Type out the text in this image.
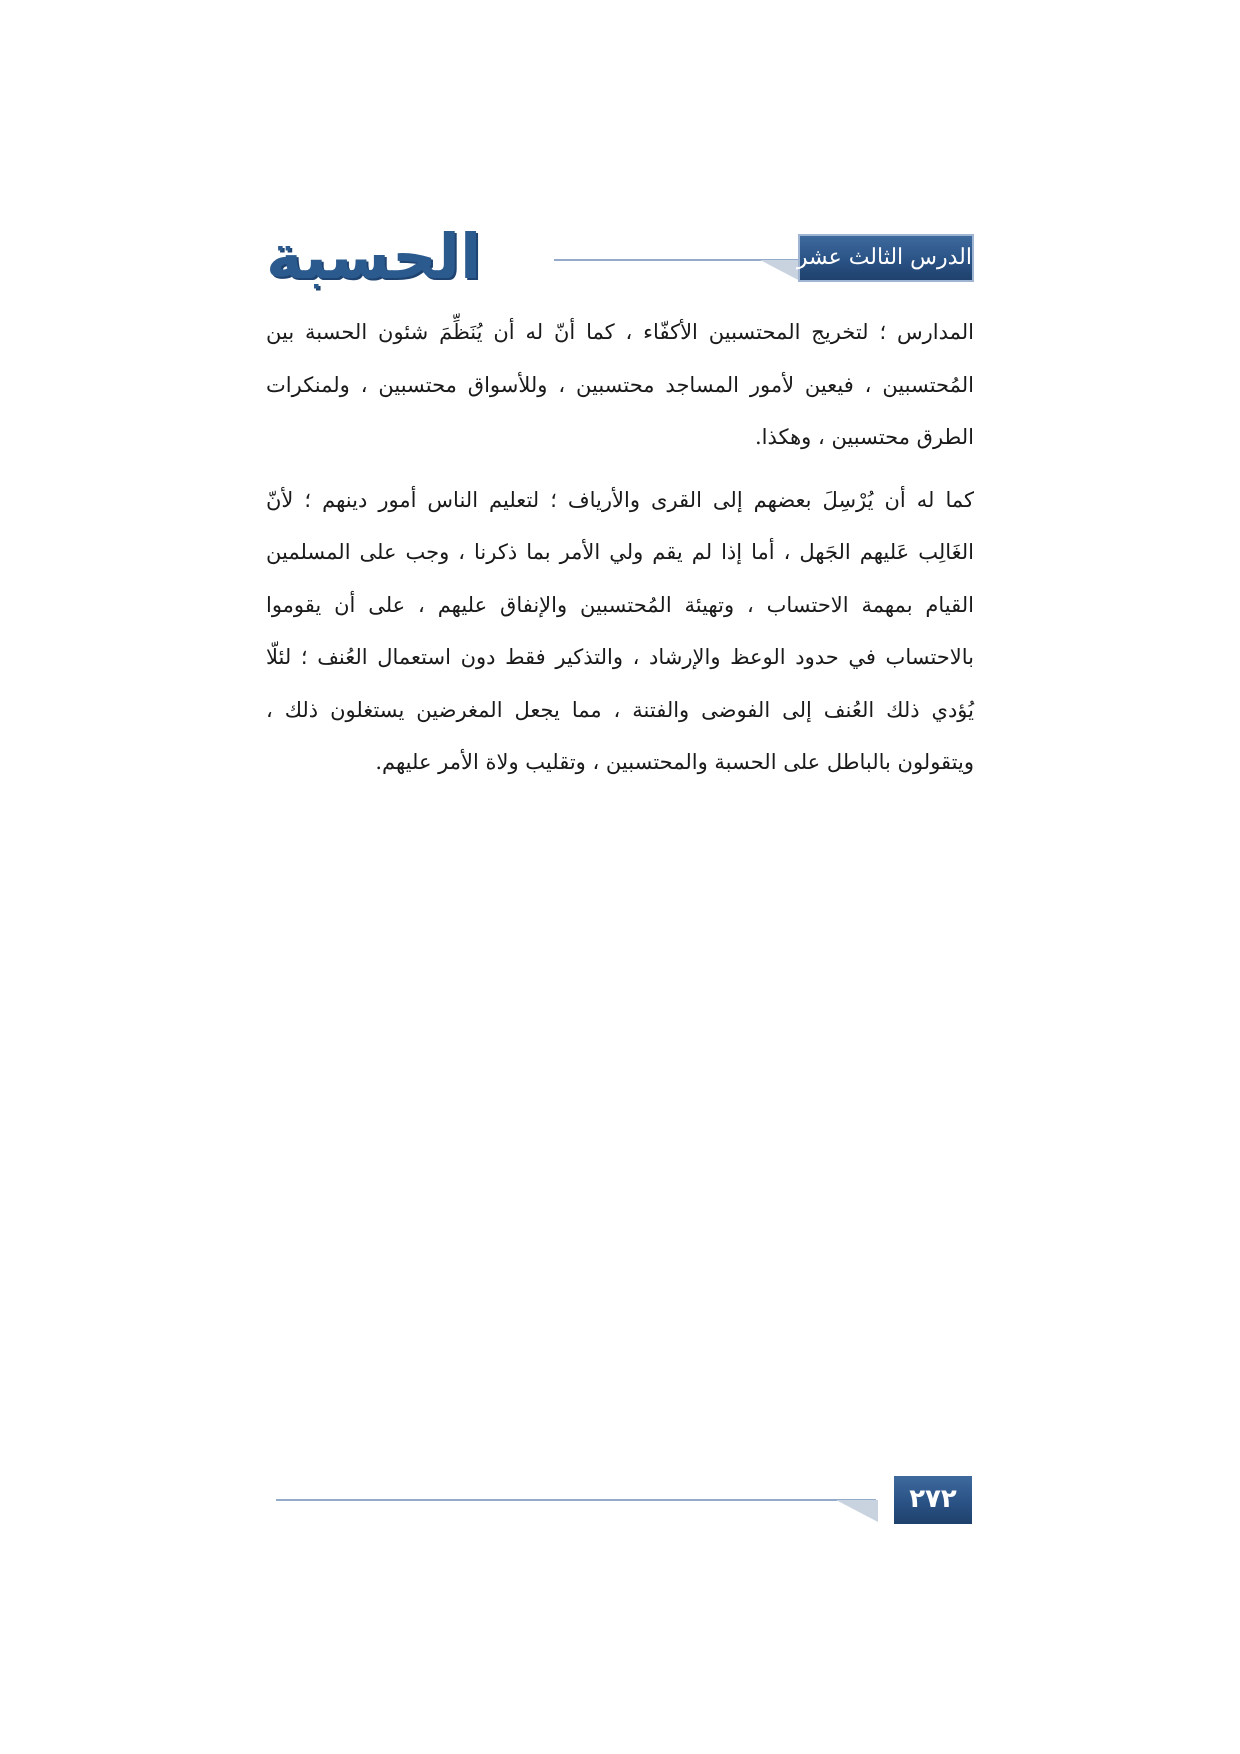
الحسبة	الدرس الثالث عشر

المدارس ؛ لتخريج المحتسبين الأكفّاء ، كما أنّ له أن يُنَظِّمَ شئون الحسبة بين المُحتسبين ، فيعين لأمور المساجد محتسبين ، وللأسواق محتسبين ، ولمنكرات الطرق محتسبين ، وهكذا.

كما له أن يُرْسِلَ بعضهم إلى القرى والأرياف ؛ لتعليم الناس أمور دينهم ؛ لأنّ الغَالِب عَليهم الجَهل ، أما إذا لم يقم ولي الأمر بما ذكرنا ، وجب على المسلمين القيام بمهمة الاحتساب ، وتهيئة المُحتسبين والإنفاق عليهم ، على أن يقوموا بالاحتساب في حدود الوعظ والإرشاد ، والتذكير فقط دون استعمال العُنف ؛ لئلّا يُؤدي ذلك العُنف إلى الفوضى والفتنة ، مما يجعل المغرضين يستغلون ذلك ، ويتقولون بالباطل على الحسبة والمحتسبين ، وتقليب ولاة الأمر عليهم.

٢٧٢
